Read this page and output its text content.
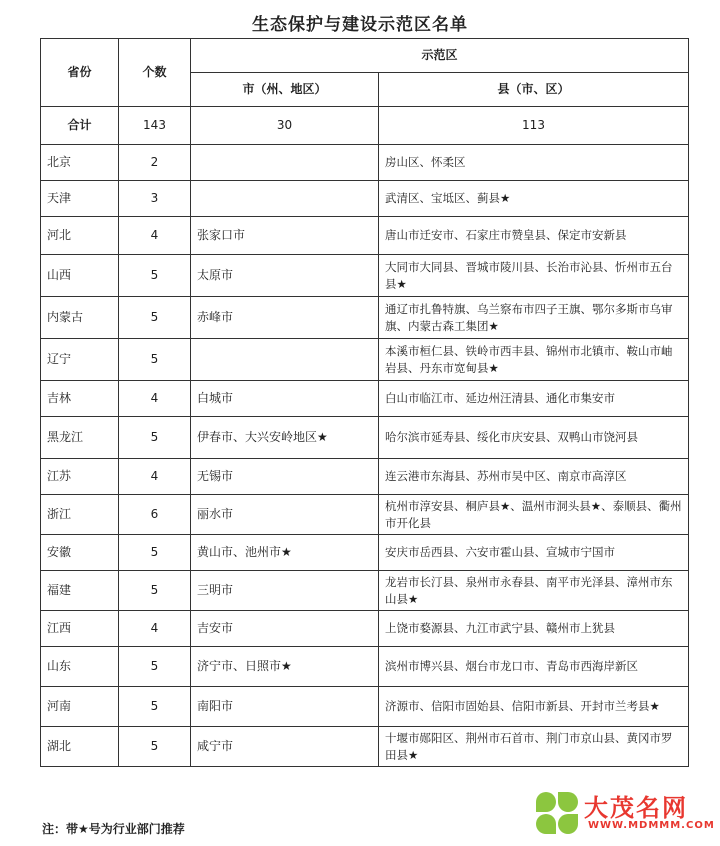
生态保护与建设示范区名单
省份	个数	示范区	
		市（州、地区）	县（市、区）
合计	143	30	113
北京	2		房山区、怀柔区
天津	3		武清区、宝坻区、蓟县★
河北	4	张家口市	唐山市迁安市、石家庄市赞皇县、保定市安新县
山西	5	太原市	大同市大同县、晋城市陵川县、长治市沁县、忻州市五台县★
内蒙古	5	赤峰市	通辽市扎鲁特旗、乌兰察布市四子王旗、鄂尔多斯市乌审旗、内蒙古森工集团★
辽宁	5		本溪市桓仁县、铁岭市西丰县、锦州市北镇市、鞍山市岫岩县、丹东市宽甸县★
吉林	4	白城市	白山市临江市、延边州汪清县、通化市集安市
黑龙江	5	伊春市、大兴安岭地区★	哈尔滨市延寿县、绥化市庆安县、双鸭山市饶河县
江苏	4	无锡市	连云港市东海县、苏州市吴中区、南京市高淳区
浙江	6	丽水市	杭州市淳安县、桐庐县★、温州市洞头县★、泰顺县、衢州市开化县
安徽	5	黄山市、池州市★	安庆市岳西县、六安市霍山县、宣城市宁国市
福建	5	三明市	龙岩市长汀县、泉州市永春县、南平市光泽县、漳州市东山县★
江西	4	吉安市	上饶市婺源县、九江市武宁县、赣州市上犹县
山东	5	济宁市、日照市★	滨州市博兴县、烟台市龙口市、青岛市西海岸新区
河南	5	南阳市	济源市、信阳市固始县、信阳市新县、开封市兰考县★
湖北	5	咸宁市	十堰市郧阳区、荆州市石首市、荆门市京山县、黄冈市罗田县★
注：带★号为行业部门推荐
大茂名网
WWW.MDMMM.COM
